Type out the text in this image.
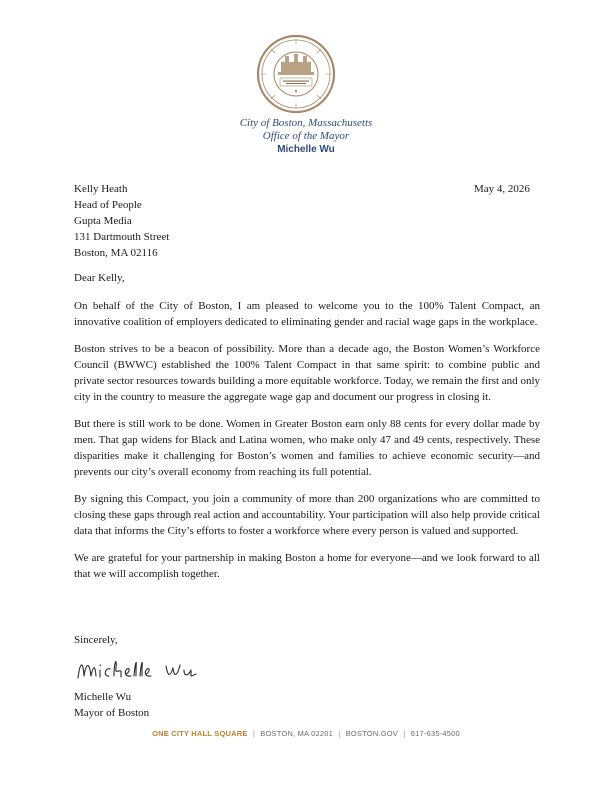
City of Boston, Massachusetts
Office of the Mayor
Michelle Wu
Kelly Heath
Head of People
Gupta Media
131 Dartmouth Street
Boston, MA 02116
May 4, 2026

Dear Kelly,

On behalf of the City of Boston, I am pleased to welcome you to the 100% Talent Compact, an innovative coalition of employers dedicated to eliminating gender and racial wage gaps in the workplace.

Boston strives to be a beacon of possibility. More than a decade ago, the Boston Women’s Workforce Council (BWWC) established the 100% Talent Compact in that same spirit: to combine public and private sector resources towards building a more equitable workforce. Today, we remain the first and only city in the country to measure the aggregate wage gap and document our progress in closing it.

But there is still work to be done. Women in Greater Boston earn only 88 cents for every dollar made by men. That gap widens for Black and Latina women, who make only 47 and 49 cents, respectively. These disparities make it challenging for Boston’s women and families to achieve economic security—and prevents our city’s overall economy from reaching its full potential.

By signing this Compact, you join a community of more than 200 organizations who are committed to closing these gaps through real action and accountability. Your participation will also help provide critical data that informs the City’s efforts to foster a workforce where every person is valued and supported.

We are grateful for your partnership in making Boston a home for everyone—and we look forward to all that we will accomplish together.

Sincerely,
Michelle Wu
Mayor of Boston
ONE CITY HALL SQUARE | BOSTON, MA 02201 | BOSTON.GOV | 617-635-4500
